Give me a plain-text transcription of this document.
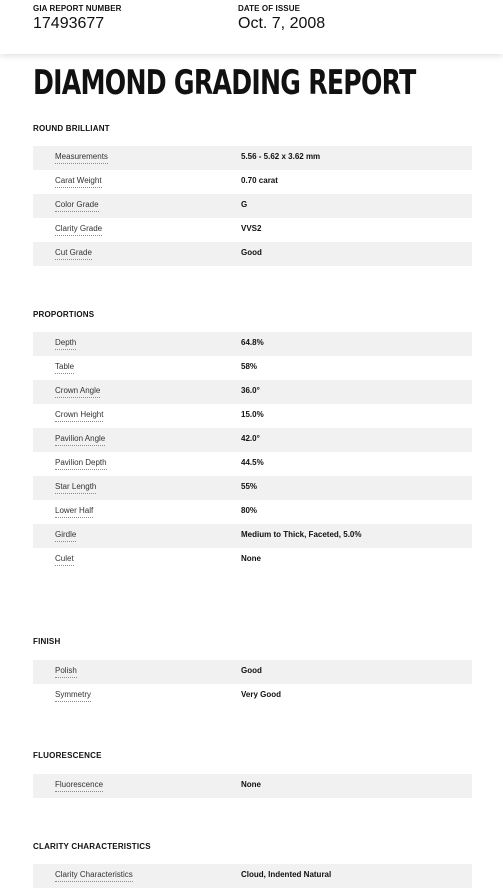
GIA REPORT NUMBER
17493677
DATE OF ISSUE
Oct. 7, 2008
DIAMOND GRADING REPORT
ROUND BRILLIANT
Measurements	5.56 - 5.62 x 3.62 mm
Carat Weight	0.70 carat
Color Grade	G
Clarity Grade	VVS2
Cut Grade	Good
PROPORTIONS
Depth	64.8%
Table	58%
Crown Angle	36.0°
Crown Height	15.0%
Pavilion Angle	42.0°
Pavilion Depth	44.5%
Star Length	55%
Lower Half	80%
Girdle	Medium to Thick, Faceted, 5.0%
Culet	None
FINISH
Polish	Good
Symmetry	Very Good
FLUORESCENCE
Fluorescence	None
CLARITY CHARACTERISTICS
Clarity Characteristics	Cloud, Indented Natural
